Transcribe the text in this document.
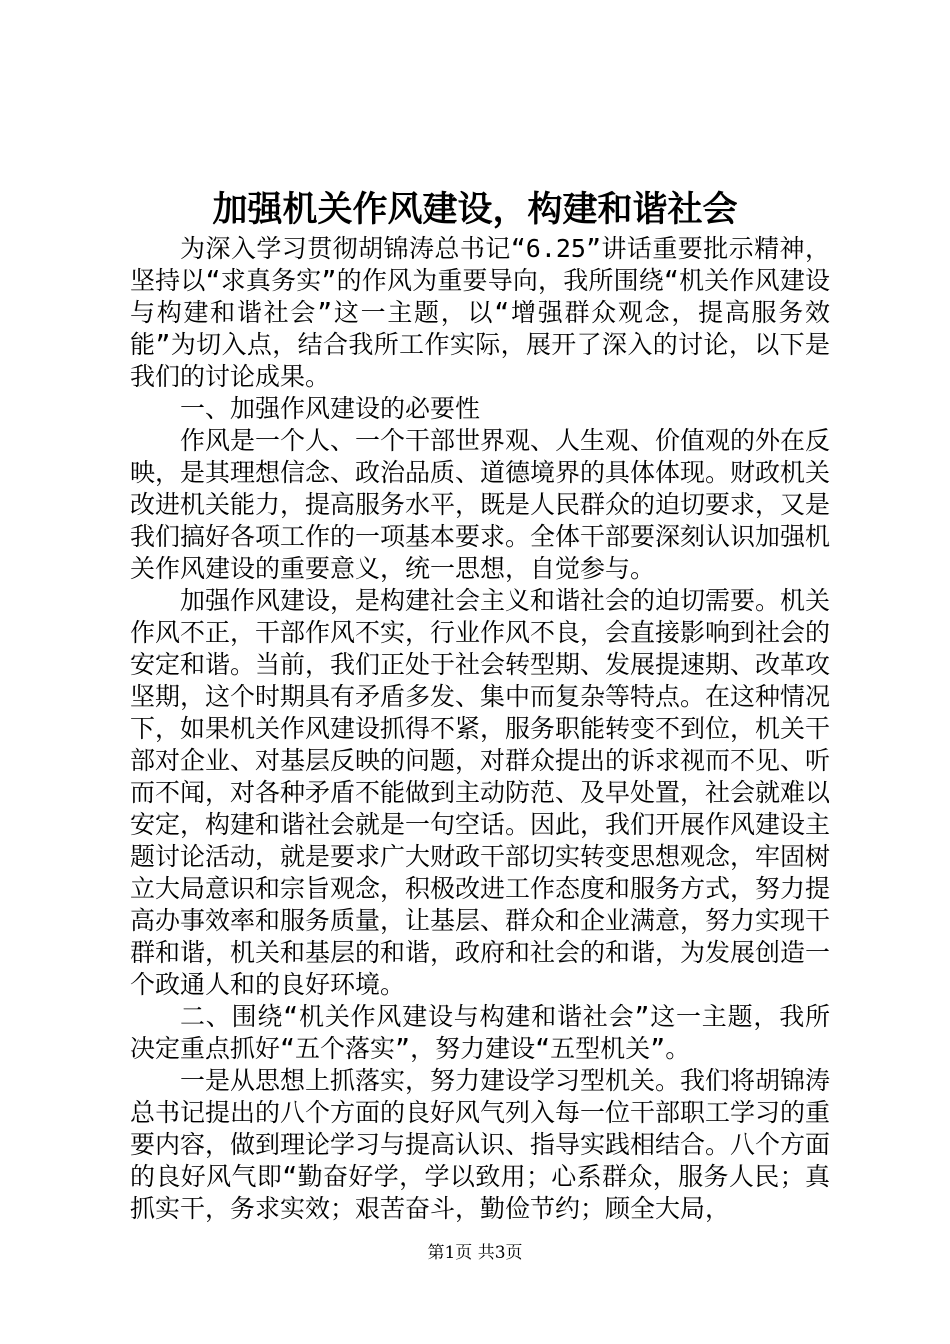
加强机关作风建设，构建和谐社会

为深入学习贯彻胡锦涛总书记“6.25”讲话重要批示精神，坚持以“求真务实”的作风为重要导向，我所围绕“机关作风建设与构建和谐社会”这一主题，以“增强群众观念，提高服务效能”为切入点，结合我所工作实际，展开了深入的讨论，以下是我们的讨论成果。

一、加强作风建设的必要性

作风是一个人、一个干部世界观、人生观、价值观的外在反映，是其理想信念、政治品质、道德境界的具体体现。财政机关改进机关能力，提高服务水平，既是人民群众的迫切要求，又是我们搞好各项工作的一项基本要求。全体干部要深刻认识加强机关作风建设的重要意义，统一思想，自觉参与。

加强作风建设，是构建社会主义和谐社会的迫切需要。机关作风不正，干部作风不实，行业作风不良，会直接影响到社会的安定和谐。当前，我们正处于社会转型期、发展提速期、改革攻坚期，这个时期具有矛盾多发、集中而复杂等特点。在这种情况下，如果机关作风建设抓得不紧，服务职能转变不到位，机关干部对企业、对基层反映的问题，对群众提出的诉求视而不见、听而不闻，对各种矛盾不能做到主动防范、及早处置，社会就难以安定，构建和谐社会就是一句空话。因此，我们开展作风建设主题讨论活动，就是要求广大财政干部切实转变思想观念，牢固树立大局意识和宗旨观念，积极改进工作态度和服务方式，努力提高办事效率和服务质量，让基层、群众和企业满意，努力实现干群和谐，机关和基层的和谐，政府和社会的和谐，为发展创造一个政通人和的良好环境。

二、围绕“机关作风建设与构建和谐社会”这一主题，我所决定重点抓好“五个落实”，努力建设“五型机关”。

一是从思想上抓落实，努力建设学习型机关。我们将胡锦涛总书记提出的八个方面的良好风气列入每一位干部职工学习的重要内容，做到理论学习与提高认识、指导实践相结合。八个方面的良好风气即“勤奋好学，学以致用；心系群众，服务人民；真抓实干，务求实效；艰苦奋斗，勤俭节约；顾全大局，

第1页 共3页
